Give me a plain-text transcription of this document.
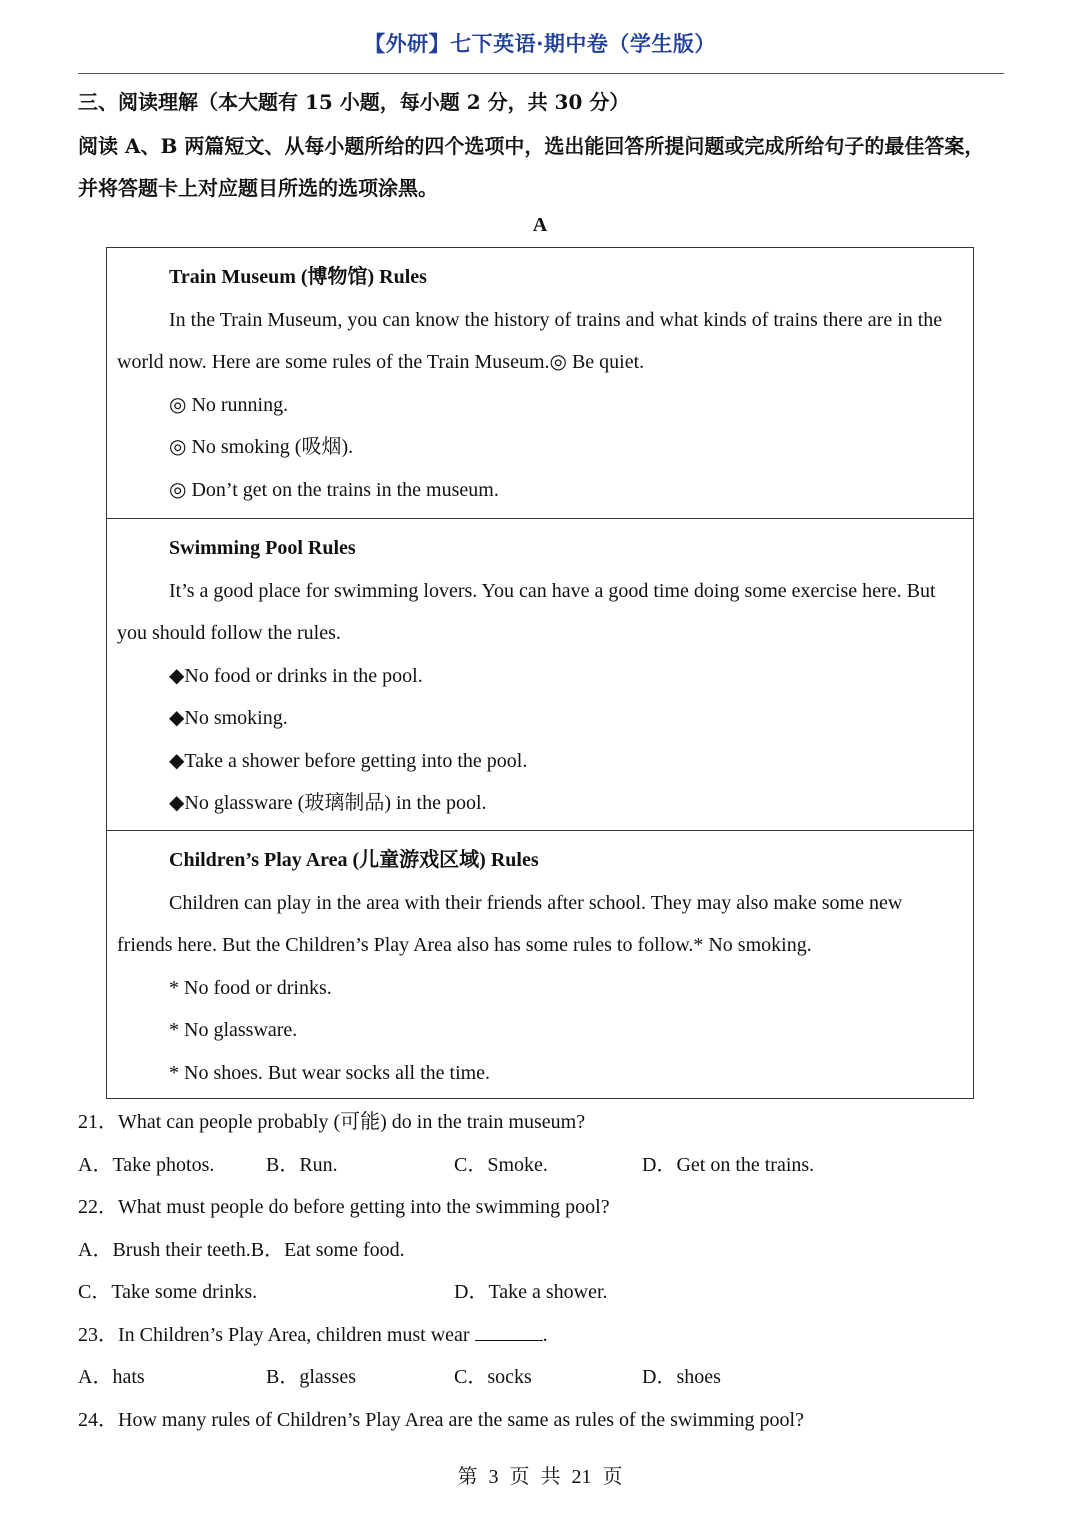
【外研】七下英语·期中卷（学生版）
三、阅读理解（本大题有 15 小题，每小题 2 分，共 30 分）
阅读 A、B 两篇短文、从每小题所给的四个选项中，选出能回答所提问题或完成所给句子的最佳答案，并将答题卡上对应题目所选的选项涂黑。
A
Train Museum (博物馆) Rules
In the Train Museum, you can know the history of trains and what kinds of trains there are in the world now. Here are some rules of the Train Museum.◎ Be quiet.
◎ No running.
◎ No smoking (吸烟).
◎ Don’t get on the trains in the museum.
Swimming Pool Rules
It’s a good place for swimming lovers. You can have a good time doing some exercise here. But you should follow the rules.
◆No food or drinks in the pool.
◆No smoking.
◆Take a shower before getting into the pool.
◆No glassware (玻璃制品) in the pool.
Children’s Play Area (儿童游戏区域) Rules
Children can play in the area with their friends after school. They may also make some new friends here. But the Children’s Play Area also has some rules to follow.* No smoking.
* No food or drinks.
* No glassware.
* No shoes. But wear socks all the time.
21．What can people probably (可能) do in the train museum?
A．Take photos.	B．Run.	C．Smoke.	D．Get on the trains.
22．What must people do before getting into the swimming pool?
A．Brush their teeth.B．Eat some food.
C．Take some drinks.	D．Take a shower.
23．In Children’s Play Area, children must wear	.
A．hats	B．glasses	C．socks	D．shoes
24．How many rules of Children’s Play Area are the same as rules of the swimming pool?
第 3 页 共 21 页
